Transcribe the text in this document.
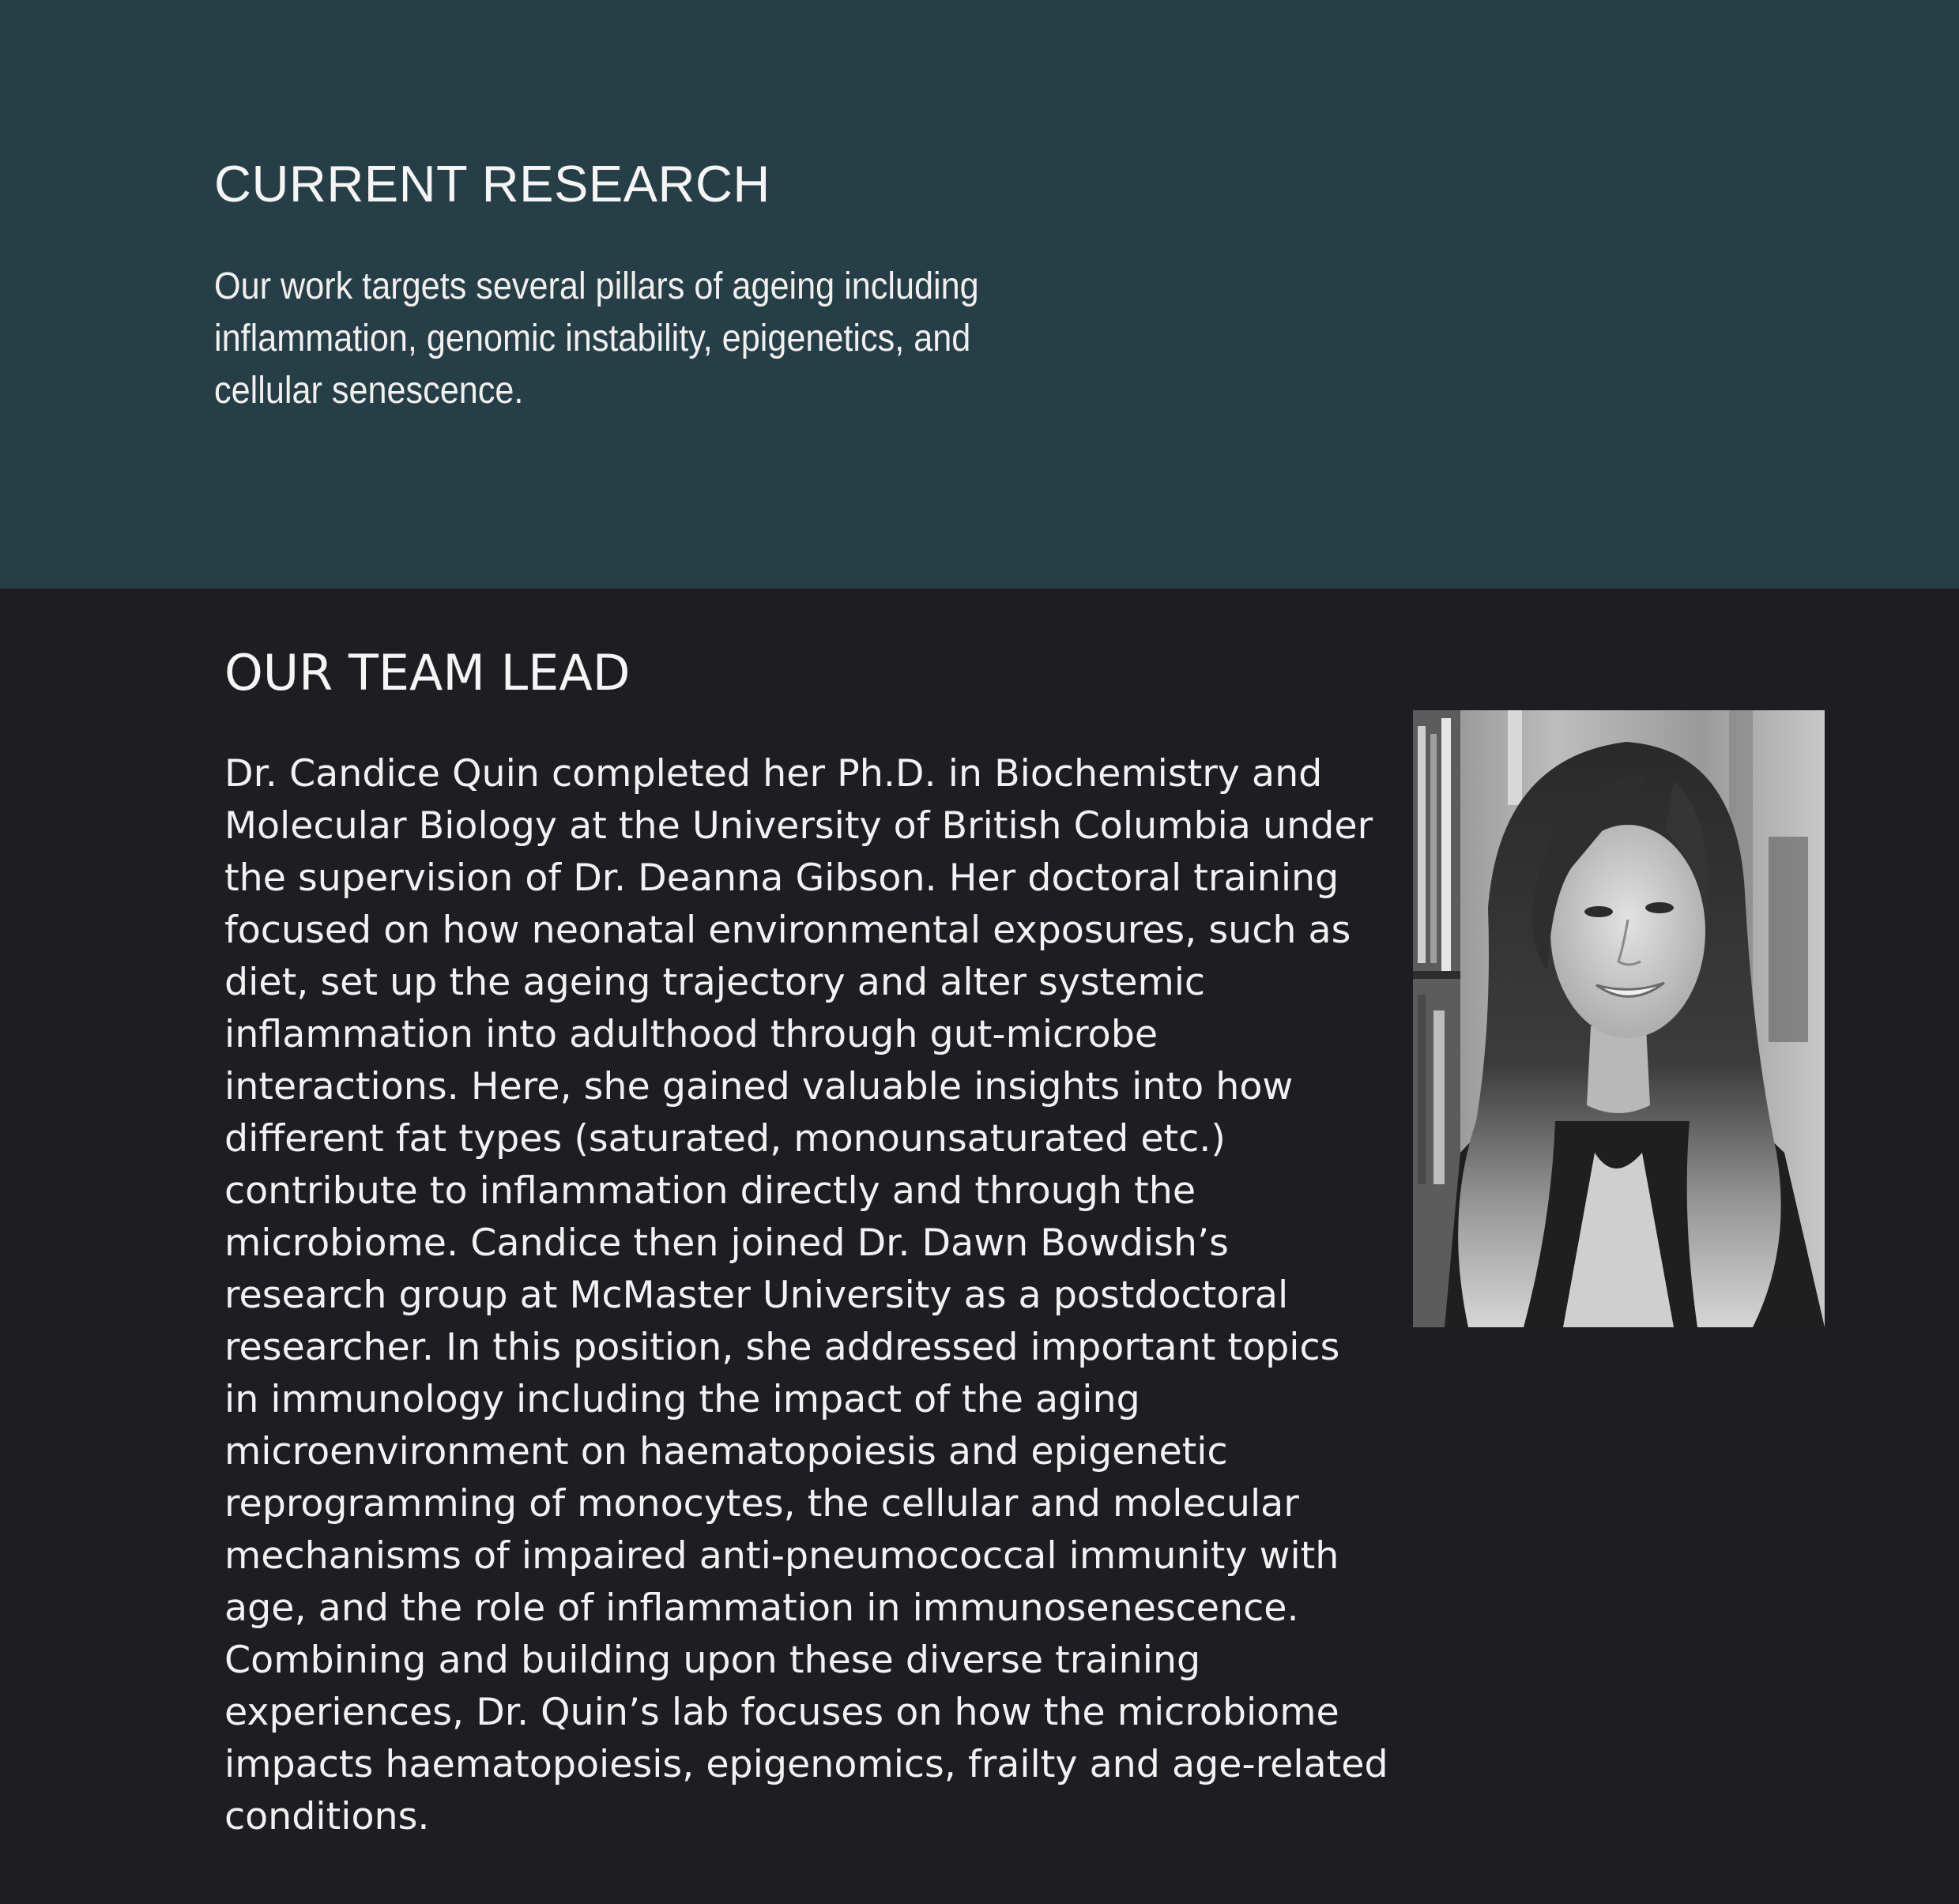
CURRENT RESEARCH

Our work targets several pillars of ageing including inflammation, genomic instability, epigenetics, and cellular senescence.

OUR TEAM LEAD
Dr. Candice Quin completed her Ph.D. in Biochemistry and
Molecular Biology at the University of British Columbia under
the supervision of Dr. Deanna Gibson. Her doctoral training
focused on how neonatal environmental exposures, such as
diet, set up the ageing trajectory and alter systemic
inflammation into adulthood through gut-microbe
interactions. Here, she gained valuable insights into how
different fat types (saturated, monounsaturated etc.)
contribute to inflammation directly and through the
microbiome. Candice then joined Dr. Dawn Bowdish’s
research group at McMaster University as a postdoctoral
researcher. In this position, she addressed important topics
in immunology including the impact of the aging
microenvironment on haematopoiesis and epigenetic
reprogramming of monocytes, the cellular and molecular
mechanisms of impaired anti-pneumococcal immunity with
age, and the role of inflammation in immunosenescence.
Combining and building upon these diverse training
experiences, Dr. Quin’s lab focuses on how the microbiome
impacts haematopoiesis, epigenomics, frailty and age-related
conditions.
